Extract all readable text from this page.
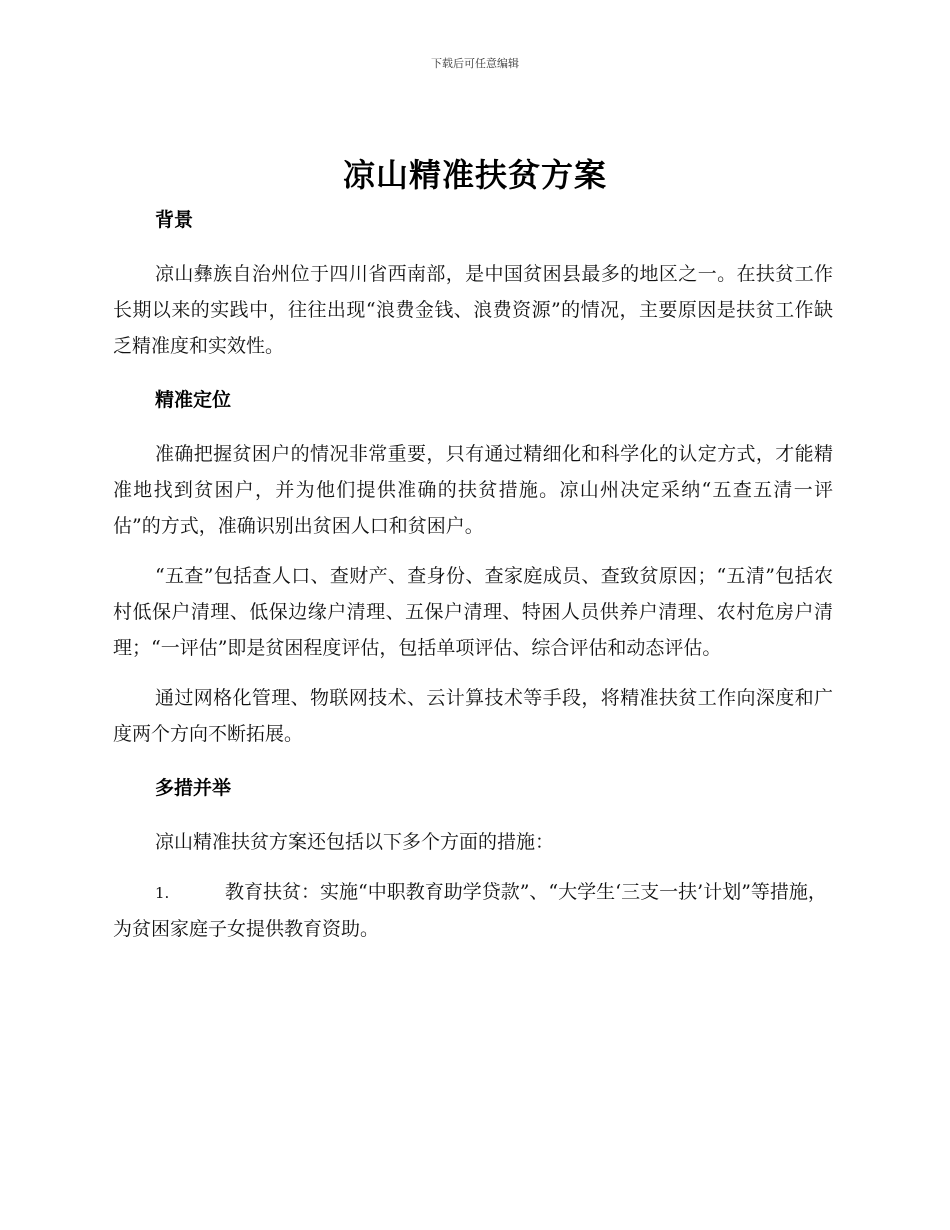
下载后可任意编辑
凉山精准扶贫方案
背景

凉山彝族自治州位于四川省西南部，是中国贫困县最多的地区之一。在扶贫工作长期以来的实践中，往往出现“浪费金钱、浪费资源”的情况，主要原因是扶贫工作缺乏精准度和实效性。

精准定位

准确把握贫困户的情况非常重要，只有通过精细化和科学化的认定方式，才能精准地找到贫困户，并为他们提供准确的扶贫措施。凉山州决定采纳“五查五清一评估”的方式，准确识别出贫困人口和贫困户。

“五查”包括查人口、查财产、查身份、查家庭成员、查致贫原因；“五清”包括农村低保户清理、低保边缘户清理、五保户清理、特困人员供养户清理、农村危房户清理；“一评估”即是贫困程度评估，包括单项评估、综合评估和动态评估。

通过网格化管理、物联网技术、云计算技术等手段，将精准扶贫工作向深度和广度两个方向不断拓展。

多措并举

凉山精准扶贫方案还包括以下多个方面的措施：

1.	教育扶贫：实施“中职教育助学贷款”、“大学生‘三支一扶’计划”等措施，为贫困家庭子女提供教育资助。
